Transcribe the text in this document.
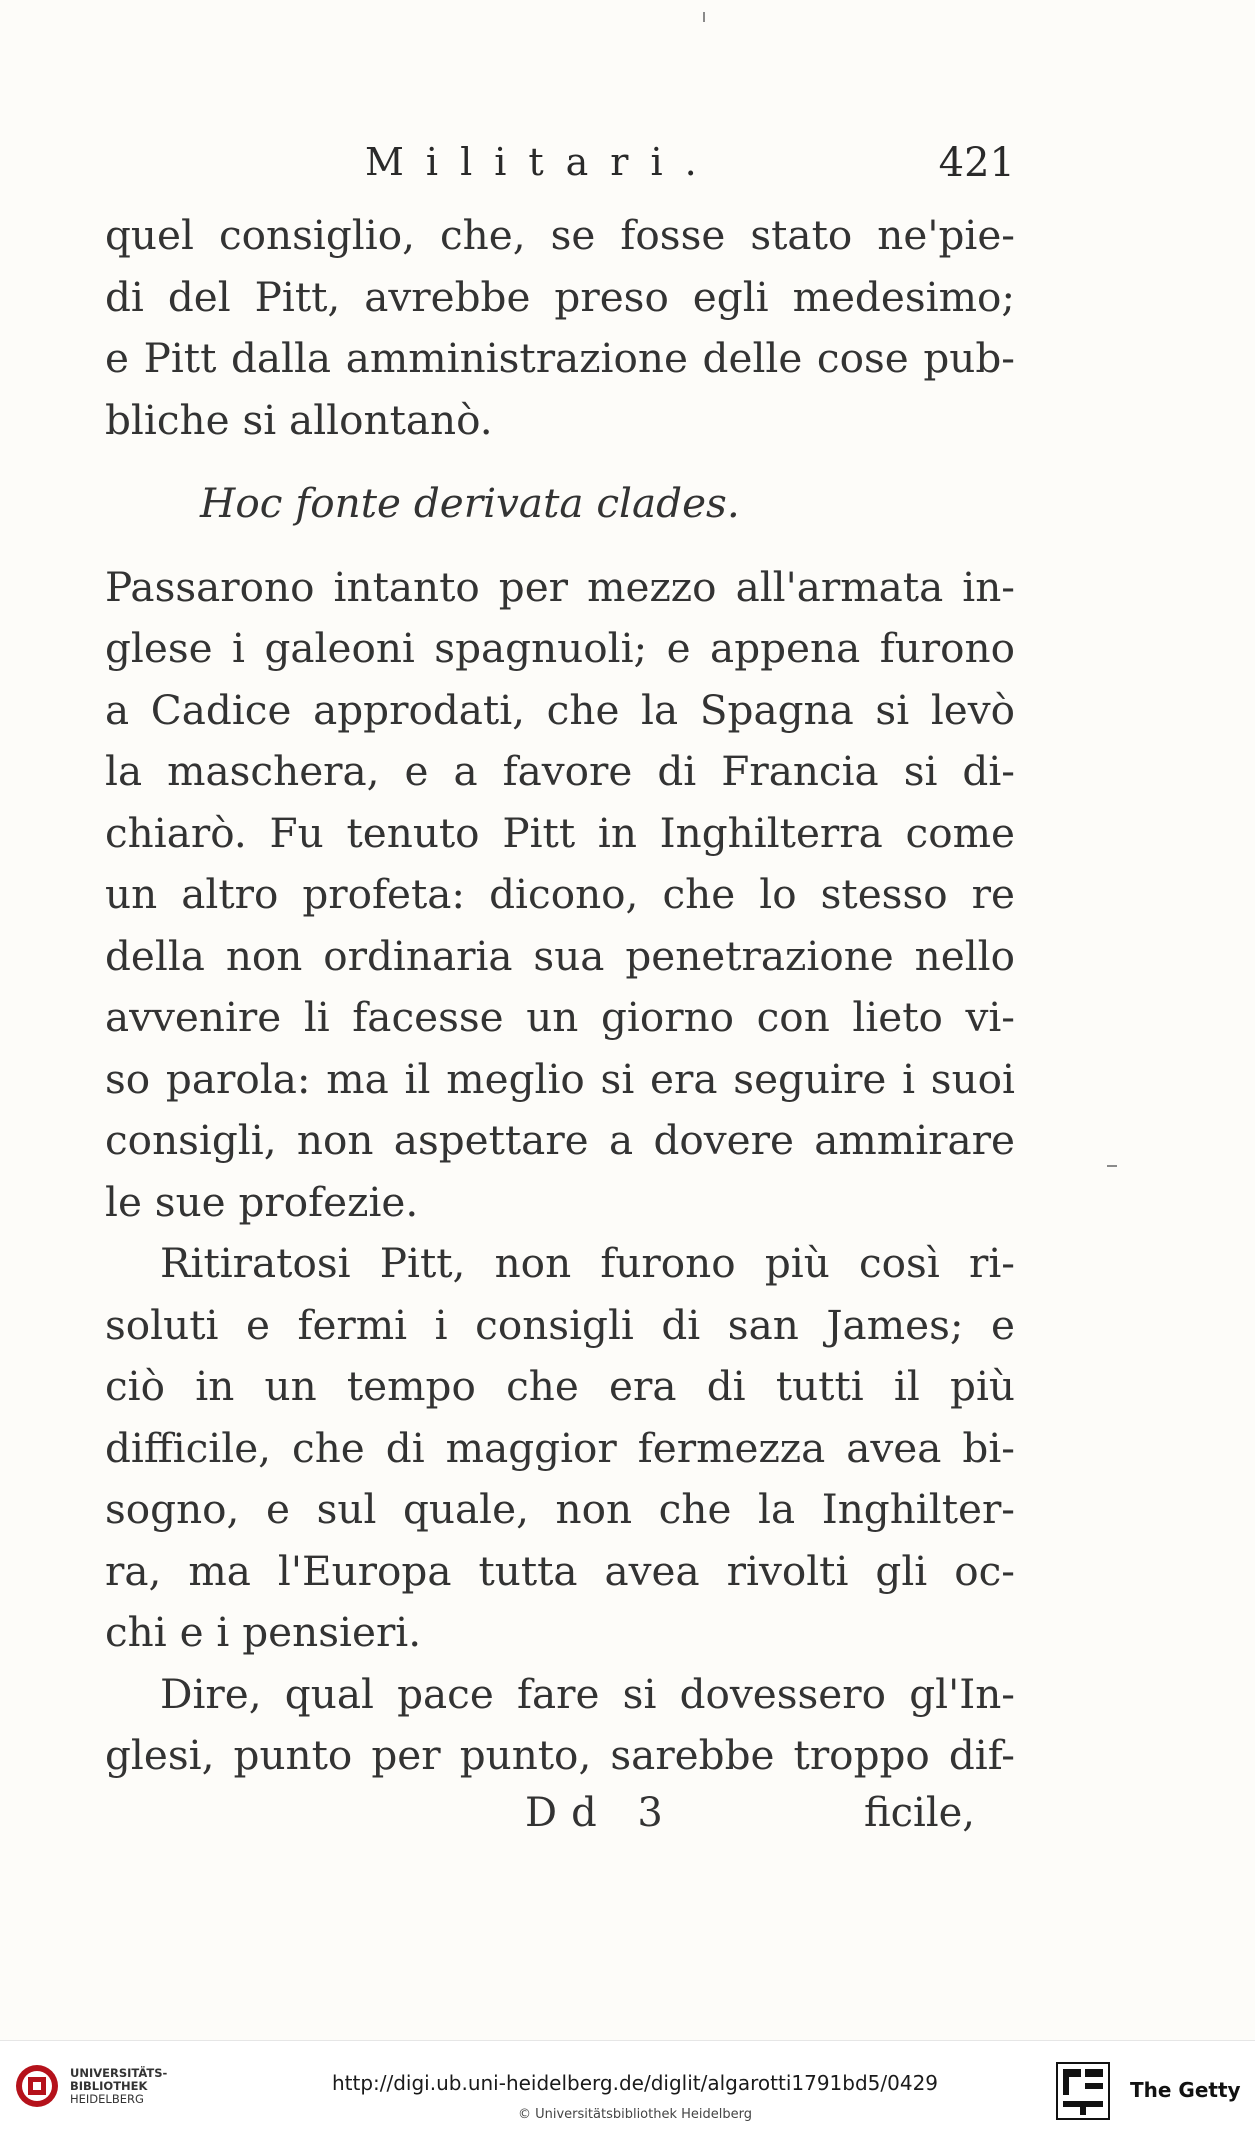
Militari.	421
quel consiglio, che, se fosse stato ne'pie-
di del Pitt, avrebbe preso egli medesimo;
e Pitt dalla amministrazione delle cose pub-
bliche si allontanò.
Hoc fonte derivata clades.
Passarono intanto per mezzo all'armata in-
glese i galeoni spagnuoli; e appena furono
a Cadice approdati, che la Spagna si levò
la maschera, e a favore di Francia si di-
chiarò. Fu tenuto Pitt in Inghilterra come
un altro profeta: dicono, che lo stesso re
della non ordinaria sua penetrazione nello
avvenire li facesse un giorno con lieto vi-
so parola: ma il meglio si era seguire i suoi
consigli, non aspettare a dovere ammirare
le sue profezie.
Ritiratosi Pitt, non furono più così ri-
soluti e fermi i consigli di san James; e
ciò in un tempo che era di tutti il più
difficile, che di maggior fermezza avea bi-
sogno, e sul quale, non che la Inghilter-
ra, ma l'Europa tutta avea rivolti gli oc-
chi e i pensieri.
Dire, qual pace fare si dovessero gl'In-
glesi, punto per punto, sarebbe troppo dif-
Dd 3	ficile,
UNIVERSITÄTS-
BIBLIOTHEK
HEIDELBERG
http://digi.ub.uni-heidelberg.de/diglit/algarotti1791bd5/0429
© Universitätsbibliothek Heidelberg
The Getty
